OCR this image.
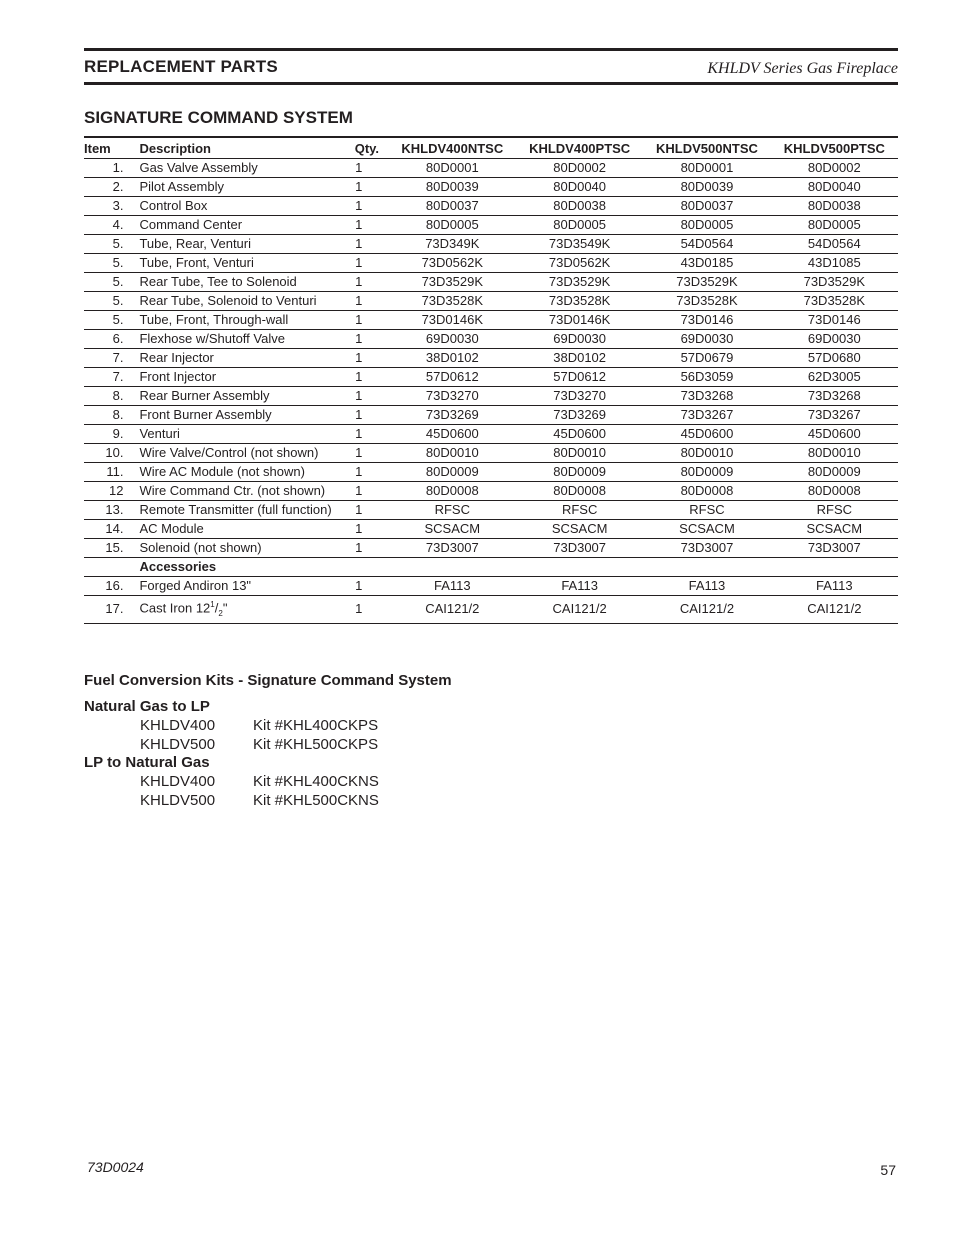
REPLACEMENT PARTS	KHLDV Series Gas Fireplace
SIGNATURE COMMAND SYSTEM
Item	Description	Qty.	KHLDV400NTSC	KHLDV400PTSC	KHLDV500NTSC	KHLDV500PTSC
1.	Gas Valve Assembly	1	80D0001	80D0002	80D0001	80D0002
2.	Pilot Assembly	1	80D0039	80D0040	80D0039	80D0040
3.	Control Box	1	80D0037	80D0038	80D0037	80D0038
4.	Command Center	1	80D0005	80D0005	80D0005	80D0005
5.	Tube, Rear, Venturi	1	73D349K	73D3549K	54D0564	54D0564
5.	Tube, Front, Venturi	1	73D0562K	73D0562K	43D0185	43D1085
5.	Rear Tube, Tee to Solenoid	1	73D3529K	73D3529K	73D3529K	73D3529K
5.	Rear Tube, Solenoid to Venturi	1	73D3528K	73D3528K	73D3528K	73D3528K
5.	Tube, Front, Through-wall	1	73D0146K	73D0146K	73D0146	73D0146
6.	Flexhose w/Shutoff Valve	1	69D0030	69D0030	69D0030	69D0030
7.	Rear Injector	1	38D0102	38D0102	57D0679	57D0680
7.	Front Injector	1	57D0612	57D0612	56D3059	62D3005
8.	Rear Burner Assembly	1	73D3270	73D3270	73D3268	73D3268
8.	Front Burner Assembly	1	73D3269	73D3269	73D3267	73D3267
9.	Venturi	1	45D0600	45D0600	45D0600	45D0600
10.	Wire Valve/Control (not shown)	1	80D0010	80D0010	80D0010	80D0010
11.	Wire AC Module (not shown)	1	80D0009	80D0009	80D0009	80D0009
12	Wire Command Ctr. (not shown)	1	80D0008	80D0008	80D0008	80D0008
13.	Remote Transmitter (full function)	1	RFSC	RFSC	RFSC	RFSC
14.	AC Module	1	SCSACM	SCSACM	SCSACM	SCSACM
15.	Solenoid (not shown)	1	73D3007	73D3007	73D3007	73D3007
	Accessories					
16.	Forged Andiron 13"	1	FA113	FA113	FA113	FA113
17.	Cast Iron $12^1/_2$"	1	CAI121/2	CAI121/2	CAI121/2	CAI121/2
Fuel Conversion Kits - Signature Command System
Natural Gas to LP
KHLDV400	Kit #KHL400CKPS
KHLDV500	Kit #KHL500CKPS
LP to Natural Gas
KHLDV400	Kit #KHL400CKNS
KHLDV500	Kit #KHL500CKNS
73D0024	57
